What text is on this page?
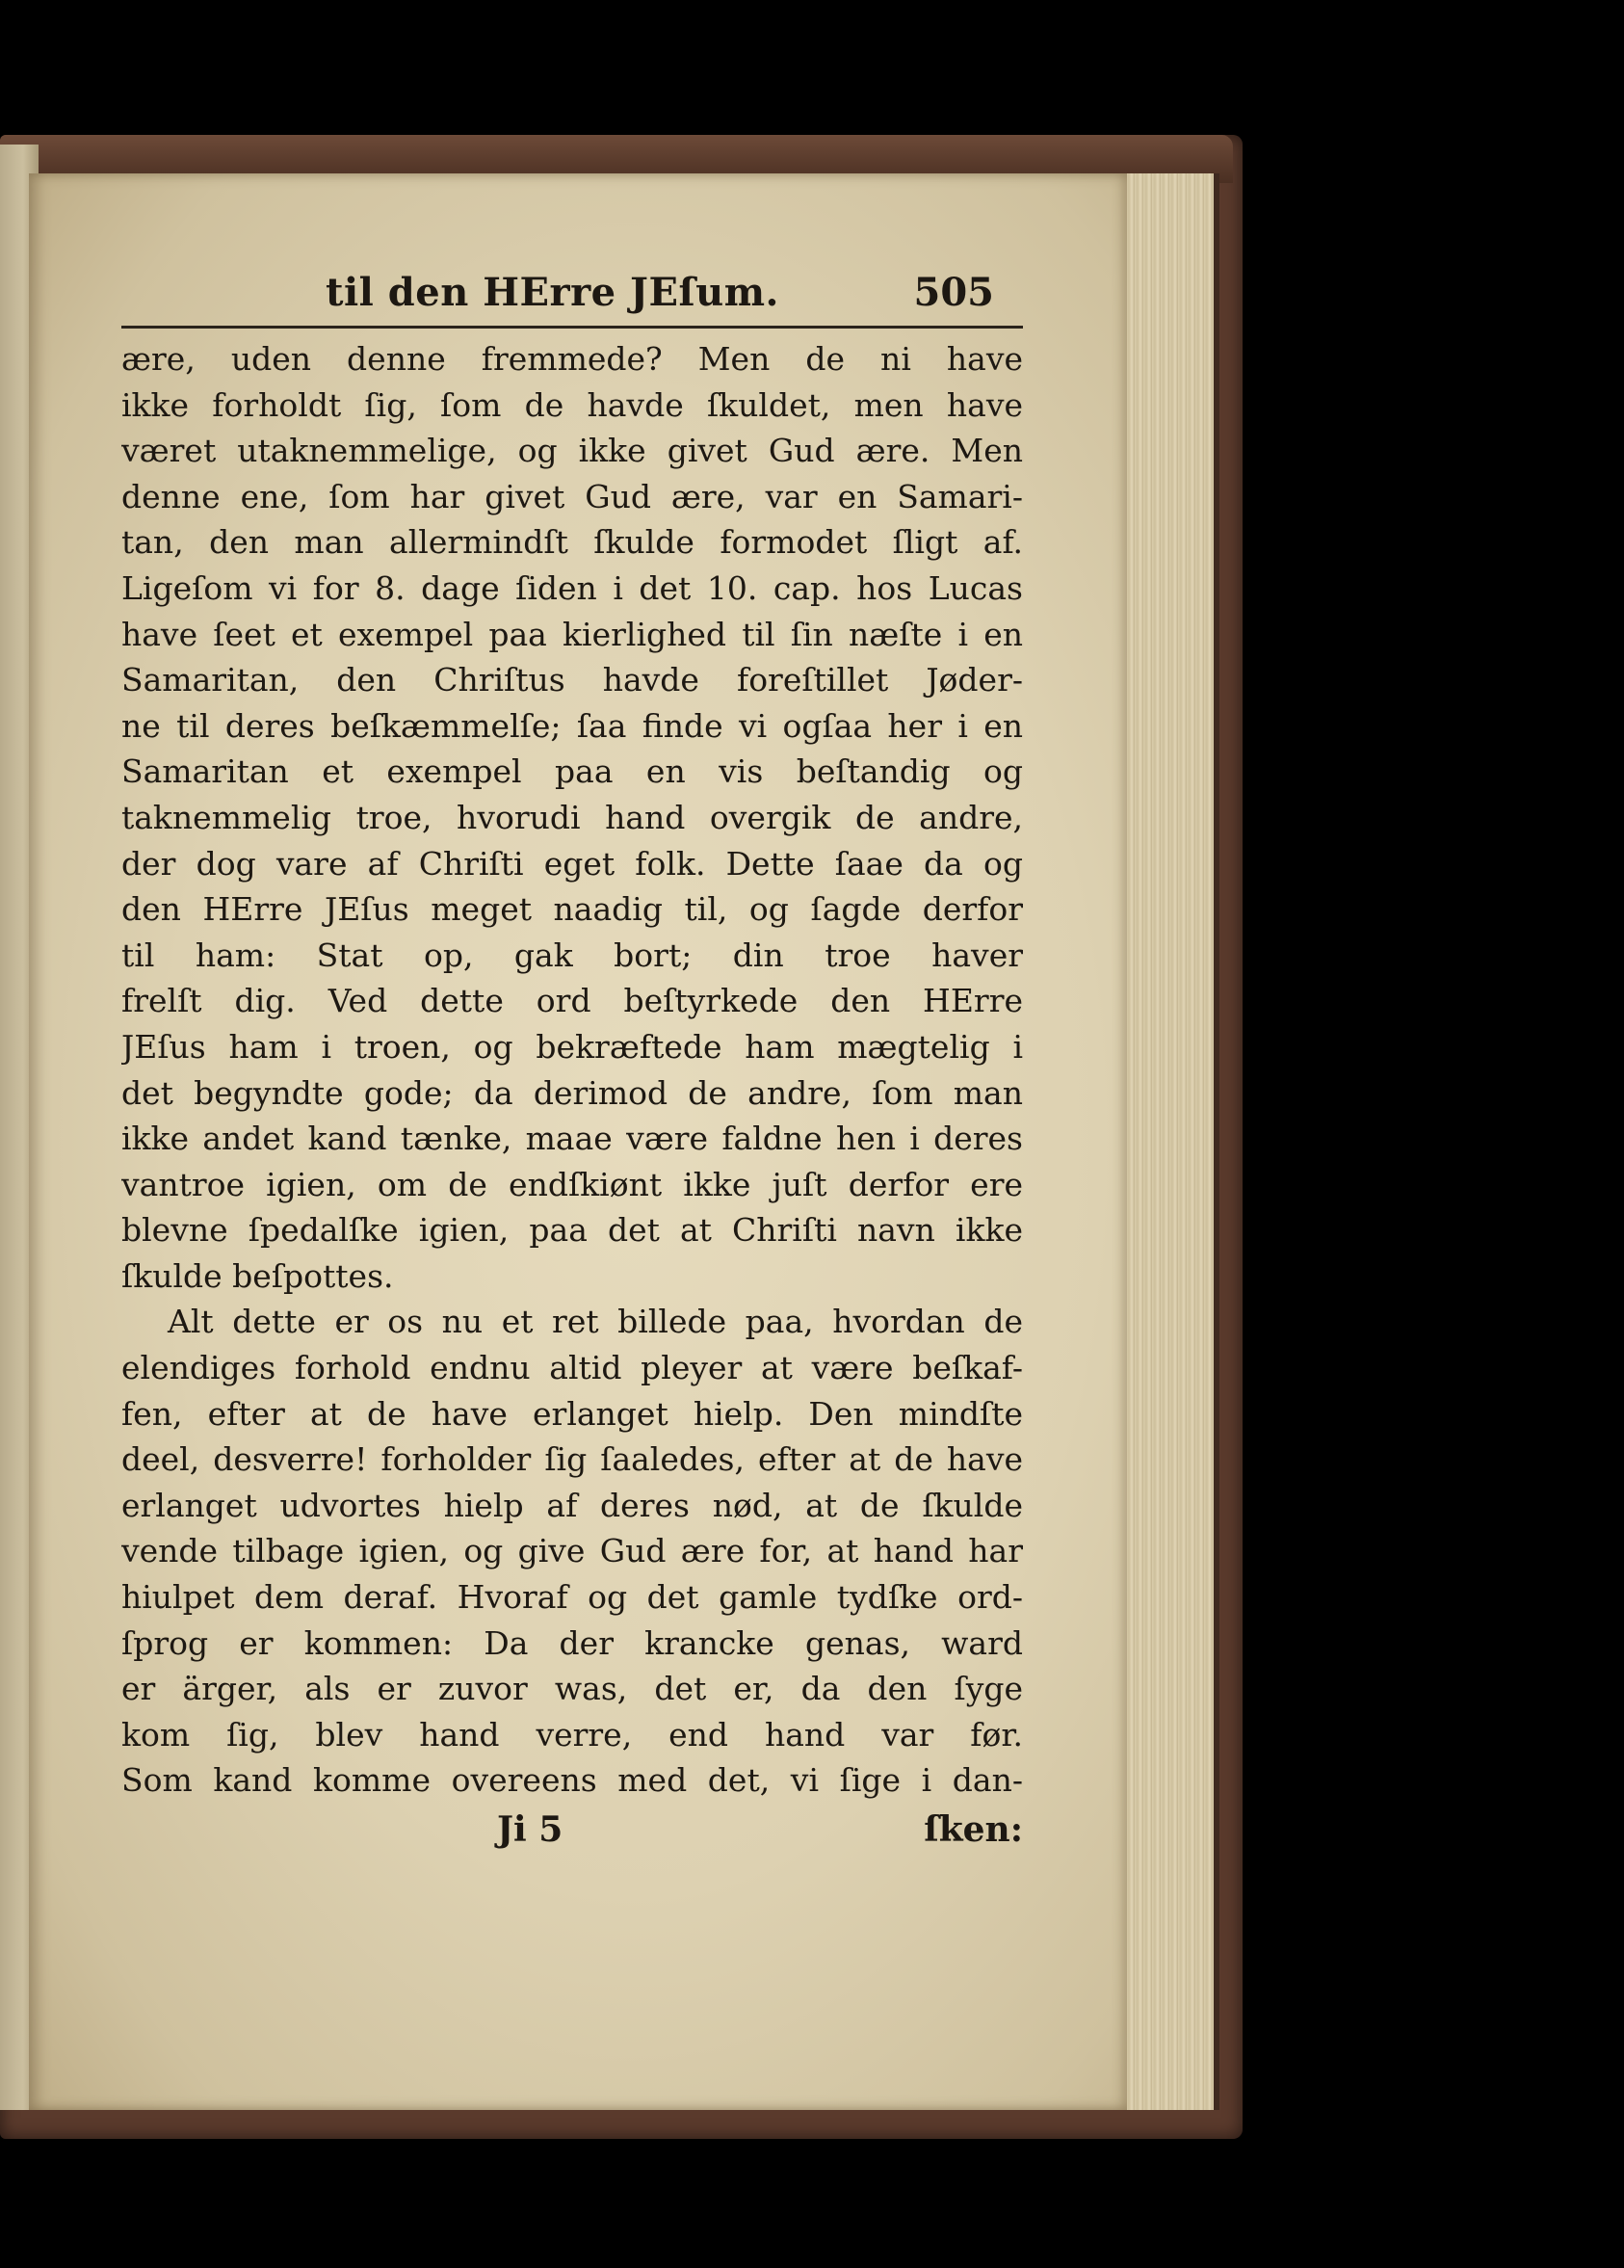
til den HErre JEſum.	505
ære, uden denne fremmede? Men de ni have
ikke forholdt ſig, ſom de havde ſkuldet, men have
været utaknemmelige, og ikke givet Gud ære. Men
denne ene, ſom har givet Gud ære, var en Samari-
tan, den man allermindſt ſkulde formodet ſligt af.
Ligeſom vi for 8. dage ſiden i det 10. cap. hos Lucas
have ſeet et exempel paa kierlighed til ſin næſte i en
Samaritan, den Chriſtus havde foreſtillet Jøder-
ne til deres beſkæmmelſe; ſaa finde vi ogſaa her i en
Samaritan et exempel paa en vis beſtandig og
taknemmelig troe, hvorudi hand overgik de andre,
der dog vare af Chriſti eget folk. Dette ſaae da og
den HErre JEſus meget naadig til, og ſagde derfor
til ham: Stat op, gak bort; din troe haver
frelſt dig. Ved dette ord beſtyrkede den HErre
JEſus ham i troen, og bekræftede ham mægtelig i
det begyndte gode; da derimod de andre, ſom man
ikke andet kand tænke, maae være faldne hen i deres
vantroe igien, om de endſkiønt ikke juſt derfor ere
blevne ſpedalſke igien, paa det at Chriſti navn ikke
ſkulde beſpottes.
Alt dette er os nu et ret billede paa, hvordan de
elendiges forhold endnu altid pleyer at være beſkaf-
fen, efter at de have erlanget hielp. Den mindſte
deel, desverre! forholder ſig ſaaledes, efter at de have
erlanget udvortes hielp af deres nød, at de ſkulde
vende tilbage igien, og give Gud ære for, at hand har
hiulpet dem deraf. Hvoraf og det gamle tydſke ord-
ſprog er kommen: Da der krancke genas, ward
er ärger, als er zuvor was, det er, da den ſyge
kom ſig, blev hand verre, end hand var før.
Som kand komme overeens med det, vi ſige i dan-
Ji 5	ſken:
